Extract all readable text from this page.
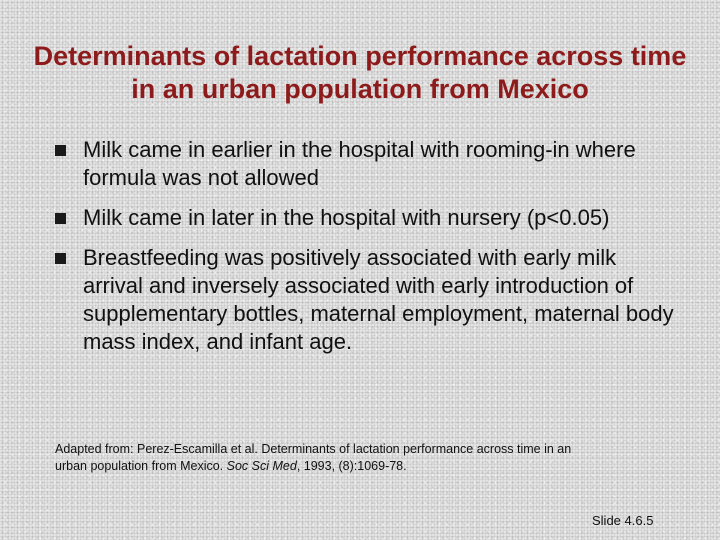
Determinants of lactation performance across time in an urban population from Mexico
Milk came in earlier in the hospital with rooming-in where formula was not allowed
Milk came in later in the hospital with nursery (p<0.05)
Breastfeeding was positively associated with early milk arrival and inversely associated with early introduction of supplementary bottles, maternal employment, maternal body mass index, and infant age.
Adapted from: Perez-Escamilla et al. Determinants of lactation performance across time in an urban population from Mexico. Soc Sci Med, 1993, (8):1069-78.
Slide 4.6.5
